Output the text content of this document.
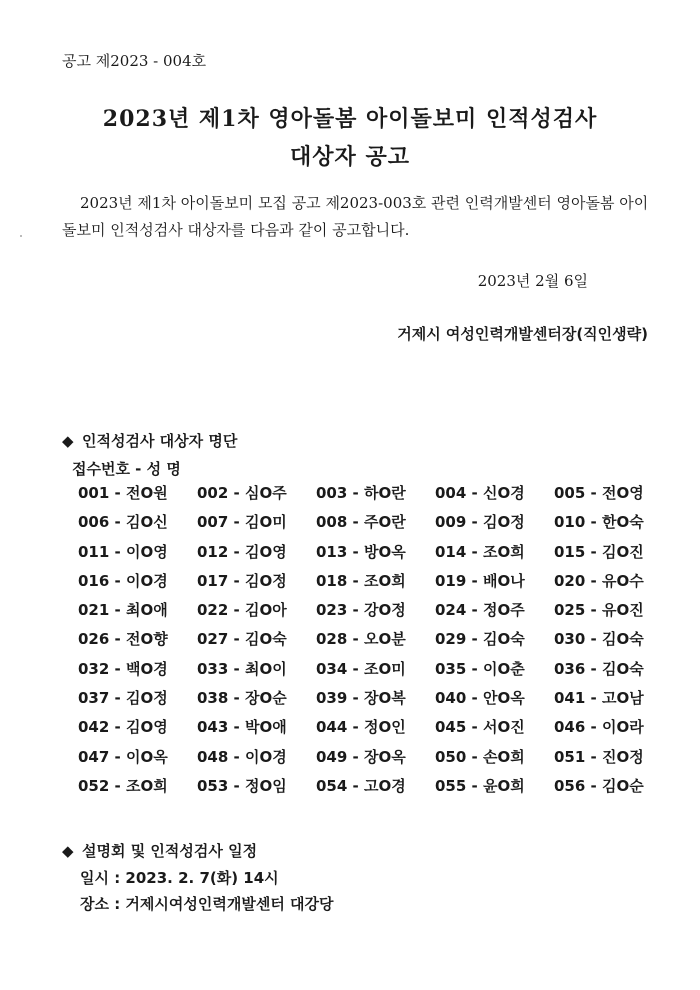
공고 제2023 - 004호
2023년 제1차 영아돌봄 아이돌보미 인적성검사
대상자 공고
2023년 제1차 아이돌보미 모집 공고 제2023-003호 관련 인력개발센터 영아돌봄 아이돌보미 인적성검사 대상자를 다음과 같이 공고합니다.
2023년 2월 6일
거제시 여성인력개발센터장(직인생략)
◆ 인적성검사 대상자 명단
접수번호 - 성 명
001 - 전O원	002 - 심O주	003 - 하O란	004 - 신O경	005 - 전O영
006 - 김O신	007 - 김O미	008 - 주O란	009 - 김O정	010 - 한O숙
011 - 이O영	012 - 김O영	013 - 방O옥	014 - 조O희	015 - 김O진
016 - 이O경	017 - 김O정	018 - 조O희	019 - 배O나	020 - 유O수
021 - 최O애	022 - 김O아	023 - 강O정	024 - 정O주	025 - 유O진
026 - 전O향	027 - 김O숙	028 - 오O분	029 - 김O숙	030 - 김O숙
032 - 백O경	033 - 최O이	034 - 조O미	035 - 이O춘	036 - 김O숙
037 - 김O정	038 - 장O순	039 - 장O복	040 - 안O옥	041 - 고O남
042 - 김O영	043 - 박O애	044 - 정O인	045 - 서O진	046 - 이O라
047 - 이O옥	048 - 이O경	049 - 장O옥	050 - 손O희	051 - 진O정
052 - 조O희	053 - 정O임	054 - 고O경	055 - 윤O희	056 - 김O순
◆ 설명회 및 인적성검사 일정
일시 : 2023. 2. 7(화) 14시
장소 : 거제시여성인력개발센터 대강당
